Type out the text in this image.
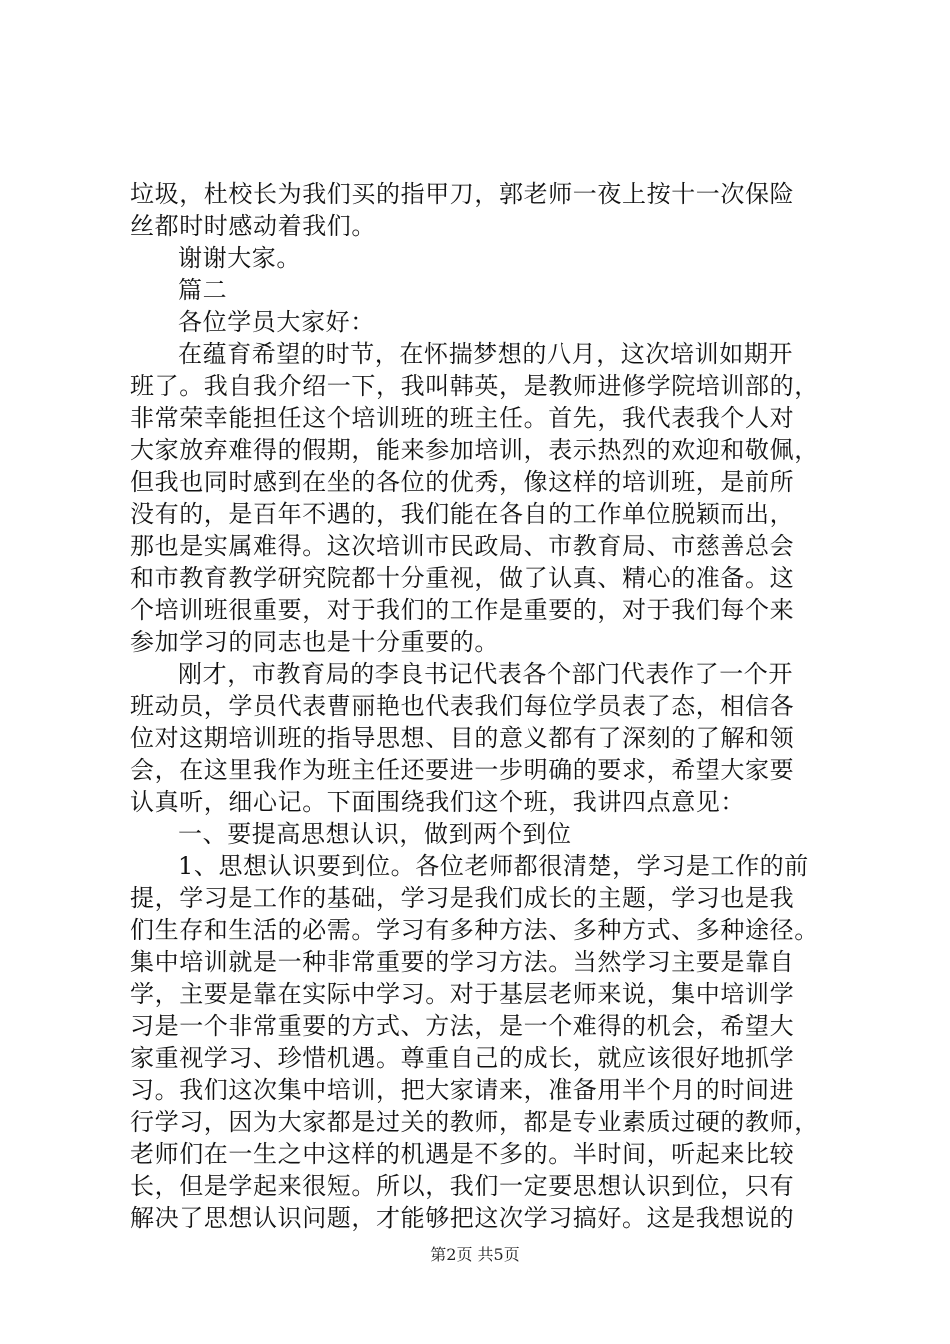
垃圾，杜校长为我们买的指甲刀，郭老师一夜上按十一次保险
丝都时时感动着我们。
谢谢大家。
篇二
各位学员大家好：
在蕴育希望的时节，在怀揣梦想的八月，这次培训如期开
班了。我自我介绍一下，我叫韩英，是教师进修学院培训部的，
非常荣幸能担任这个培训班的班主任。首先，我代表我个人对
大家放弃难得的假期，能来参加培训，表示热烈的欢迎和敬佩，
但我也同时感到在坐的各位的优秀，像这样的培训班，是前所
没有的，是百年不遇的，我们能在各自的工作单位脱颖而出，
那也是实属难得。这次培训市民政局、市教育局、市慈善总会
和市教育教学研究院都十分重视，做了认真、精心的准备。这
个培训班很重要，对于我们的工作是重要的，对于我们每个来
参加学习的同志也是十分重要的。
刚才，市教育局的李良书记代表各个部门代表作了一个开
班动员，学员代表曹丽艳也代表我们每位学员表了态，相信各
位对这期培训班的指导思想、目的意义都有了深刻的了解和领
会，在这里我作为班主任还要进一步明确的要求，希望大家要
认真听，细心记。下面围绕我们这个班，我讲四点意见：
一、要提高思想认识，做到两个到位
1、思想认识要到位。各位老师都很清楚，学习是工作的前
提，学习是工作的基础，学习是我们成长的主题，学习也是我
们生存和生活的必需。学习有多种方法、多种方式、多种途径。
集中培训就是一种非常重要的学习方法。当然学习主要是靠自
学，主要是靠在实际中学习。对于基层老师来说，集中培训学
习是一个非常重要的方式、方法，是一个难得的机会，希望大
家重视学习、珍惜机遇。尊重自己的成长，就应该很好地抓学
习。我们这次集中培训，把大家请来，准备用半个月的时间进
行学习，因为大家都是过关的教师，都是专业素质过硬的教师，
老师们在一生之中这样的机遇是不多的。半时间，听起来比较
长，但是学起来很短。所以，我们一定要思想认识到位，只有
解决了思想认识问题，才能够把这次学习搞好。这是我想说的
第2页 共5页
